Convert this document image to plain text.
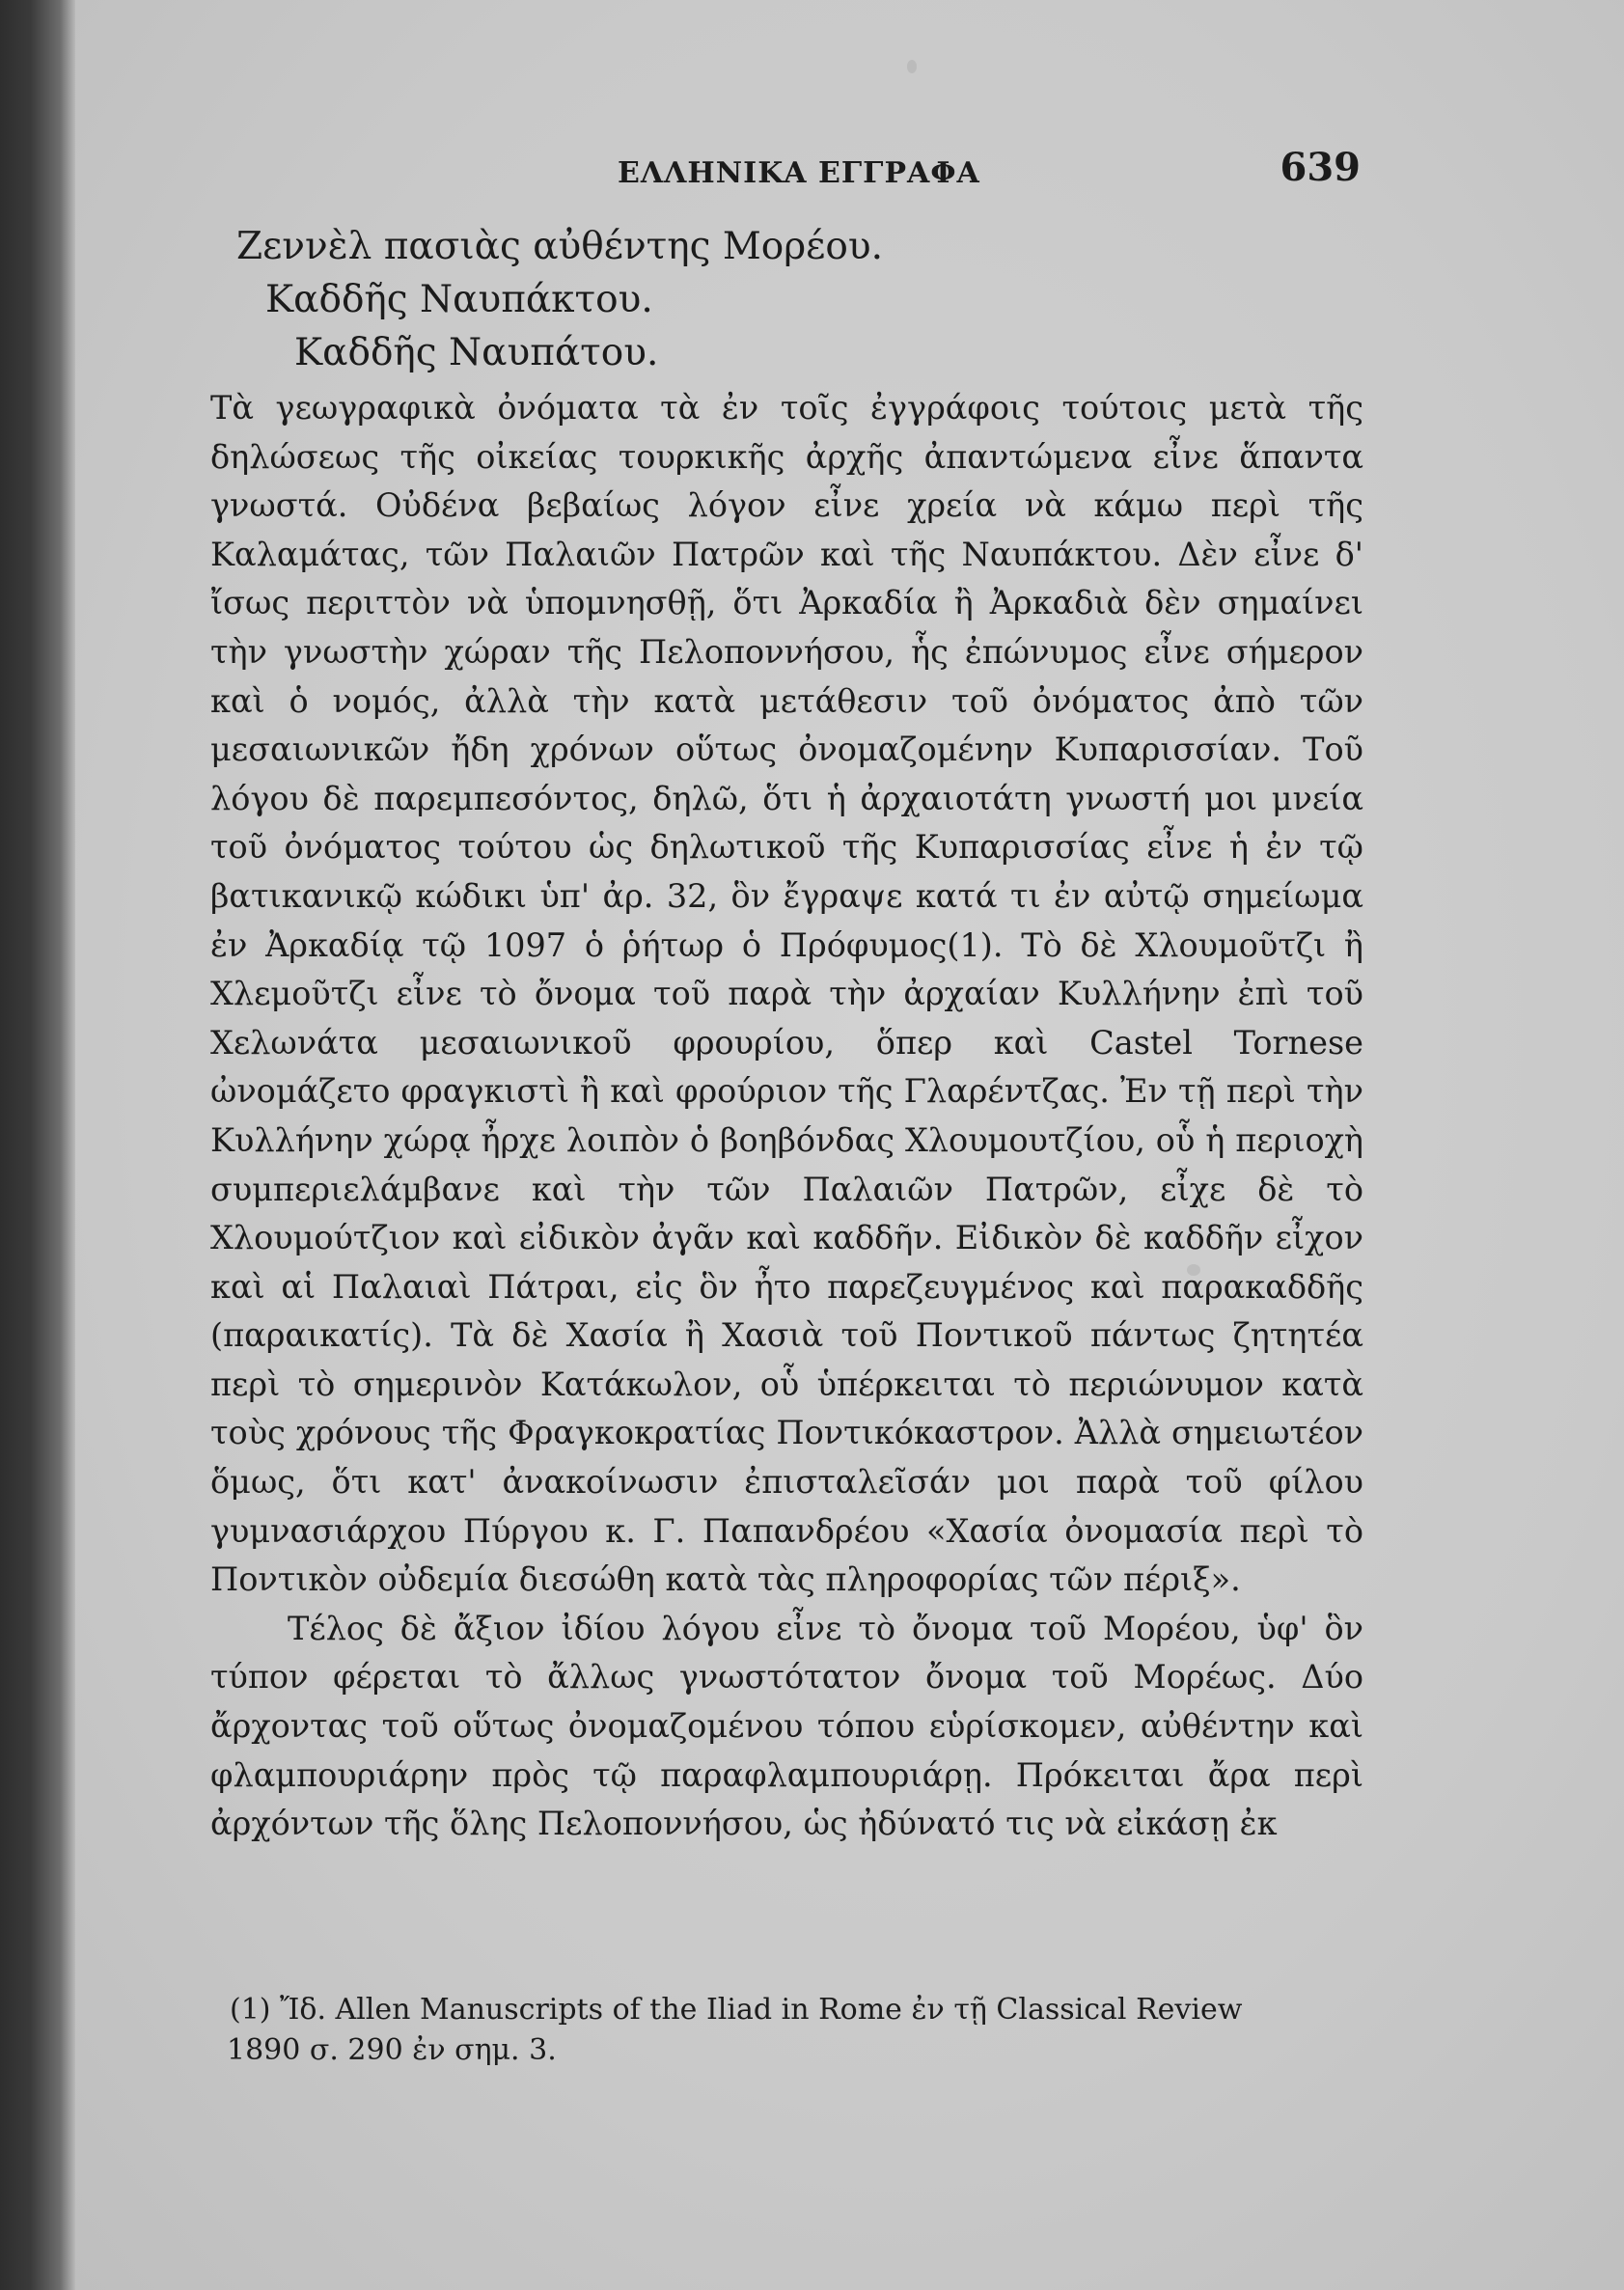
ΕΛΛΗΝΙΚΑ ΕΓΓΡΑΦΑ	639
Ζεννὲλ πασιὰς αὐθέντης Μορέου.
Καδδῆς Ναυπάκτου.
Καδδῆς Ναυπάτου.

Τὰ γεωγραφικὰ ὀνόματα τὰ ἐν τοῖς ἐγγράφοις τούτοις μετὰ τῆς δηλώσεως τῆς οἰκείας τουρκικῆς ἀρχῆς ἀπαντώμενα εἶνε ἅπαντα γνωστά. Οὐδένα βεβαίως λόγον εἶνε χρεία νὰ κάμω περὶ τῆς Καλαμάτας, τῶν Παλαιῶν Πατρῶν καὶ τῆς Ναυπάκτου. Δὲν εἶνε δ' ἴσως περιττὸν νὰ ὑπομνησθῇ, ὅτι Ἀρκαδία ἢ Ἀρκαδιὰ δὲν σημαίνει τὴν γνωστὴν χώραν τῆς Πελοποννήσου, ἧς ἐπώνυμος εἶνε σήμερον καὶ ὁ νομός, ἀλλὰ τὴν κατὰ μετάθεσιν τοῦ ὀνόματος ἀπὸ τῶν μεσαιωνικῶν ἤδη χρόνων οὕτως ὀνομαζομένην Κυπαρισσίαν. Τοῦ λόγου δὲ παρεμπεσόντος, δηλῶ, ὅτι ἡ ἀρχαιοτάτη γνωστή μοι μνεία τοῦ ὀνόματος τούτου ὡς δηλωτικοῦ τῆς Κυπαρισσίας εἶνε ἡ ἐν τῷ βατικανικῷ κώδικι ὑπ' ἀρ. 32, ὃν ἔγραψε κατά τι ἐν αὐτῷ σημείωμα ἐν Ἀρκαδίᾳ τῷ 1097 ὁ ῥήτωρ ὁ Πρόφυμος(1). Τὸ δὲ Χλουμοῦτζι ἢ Χλεμοῦτζι εἶνε τὸ ὄνομα τοῦ παρὰ τὴν ἀρχαίαν Κυλλήνην ἐπὶ τοῦ Χελωνάτα μεσαιωνικοῦ φρουρίου, ὅπερ καὶ Castel Tornese ὠνομάζετο φραγκιστὶ ἢ καὶ φρούριον τῆς Γλαρέντζας. Ἐν τῇ περὶ τὴν Κυλλήνην χώρᾳ ἦρχε λοιπὸν ὁ βοηβόνδας Χλουμουτζίου, οὗ ἡ περιοχὴ συμπεριελάμβανε καὶ τὴν τῶν Παλαιῶν Πατρῶν, εἶχε δὲ τὸ Χλουμούτζιον καὶ εἰδικὸν ἀγᾶν καὶ καδδῆν. Εἰδικὸν δὲ καδδῆν εἶχον καὶ αἱ Παλαιαὶ Πάτραι, εἰς ὃν ἦτο παρεζευγμένος καὶ παρακαδδῆς (παραικατίς). Τὰ δὲ Χασία ἢ Χασιὰ τοῦ Ποντικοῦ πάντως ζητητέα περὶ τὸ σημερινὸν Κατάκωλον, οὗ ὑπέρκειται τὸ περιώνυμον κατὰ τοὺς χρόνους τῆς Φραγκοκρατίας Ποντικόκαστρον. Ἀλλὰ σημειωτέον ὅμως, ὅτι κατ' ἀνακοίνωσιν ἐπισταλεῖσάν μοι παρὰ τοῦ φίλου γυμνασιάρχου Πύργου κ. Γ. Παπανδρέου «Χασία ὀνομασία περὶ τὸ Ποντικὸν οὐδεμία διεσώθη κατὰ τὰς πληροφορίας τῶν πέριξ».

Τέλος δὲ ἄξιον ἰδίου λόγου εἶνε τὸ ὄνομα τοῦ Μορέου, ὑφ' ὃν τύπον φέρεται τὸ ἄλλως γνωστότατον ὄνομα τοῦ Μορέως. Δύο ἄρχοντας τοῦ οὕτως ὀνομαζομένου τόπου εὑρίσκομεν, αὐθέντην καὶ φλαμπουριάρην πρὸς τῷ παραφλαμπουριάρῃ. Πρόκειται ἄρα περὶ ἀρχόντων τῆς ὅλης Πελοποννήσου, ὡς ἠδύνατό τις νὰ εἰκάσῃ ἐκ

(1) Ἴδ. Allen Manuscripts of the Iliad in Rome ἐν τῇ Classical Review
1890 σ. 290 ἐν σημ. 3.
